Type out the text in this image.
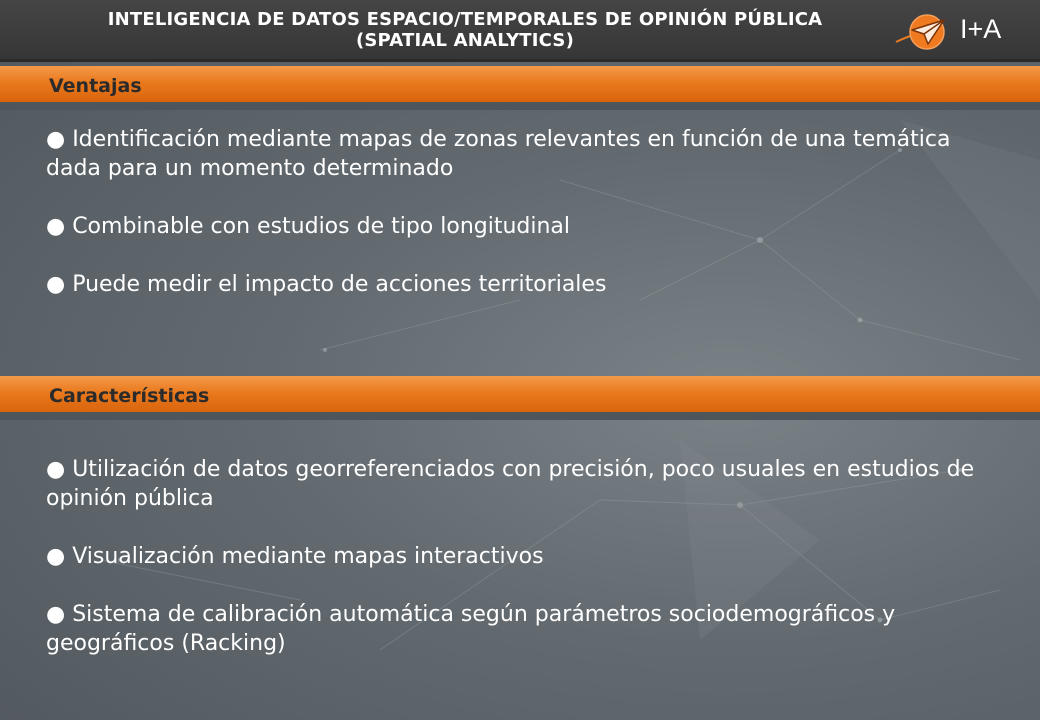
INTELIGENCIA DE DATOS ESPACIO/TEMPORALES DE OPINIÓN PÚBLICA
(SPATIAL ANALYTICS)	I+A
Ventajas

● Identificación mediante mapas de zonas relevantes en función de una temática dada para un momento determinado

● Combinable con estudios de tipo longitudinal

● Puede medir el impacto de acciones territoriales

Características

● Utilización de datos georreferenciados con precisión, poco usuales en estudios de opinión pública

● Visualización mediante mapas interactivos

● Sistema de calibración automática según parámetros sociodemográficos y geográficos (Racking)
